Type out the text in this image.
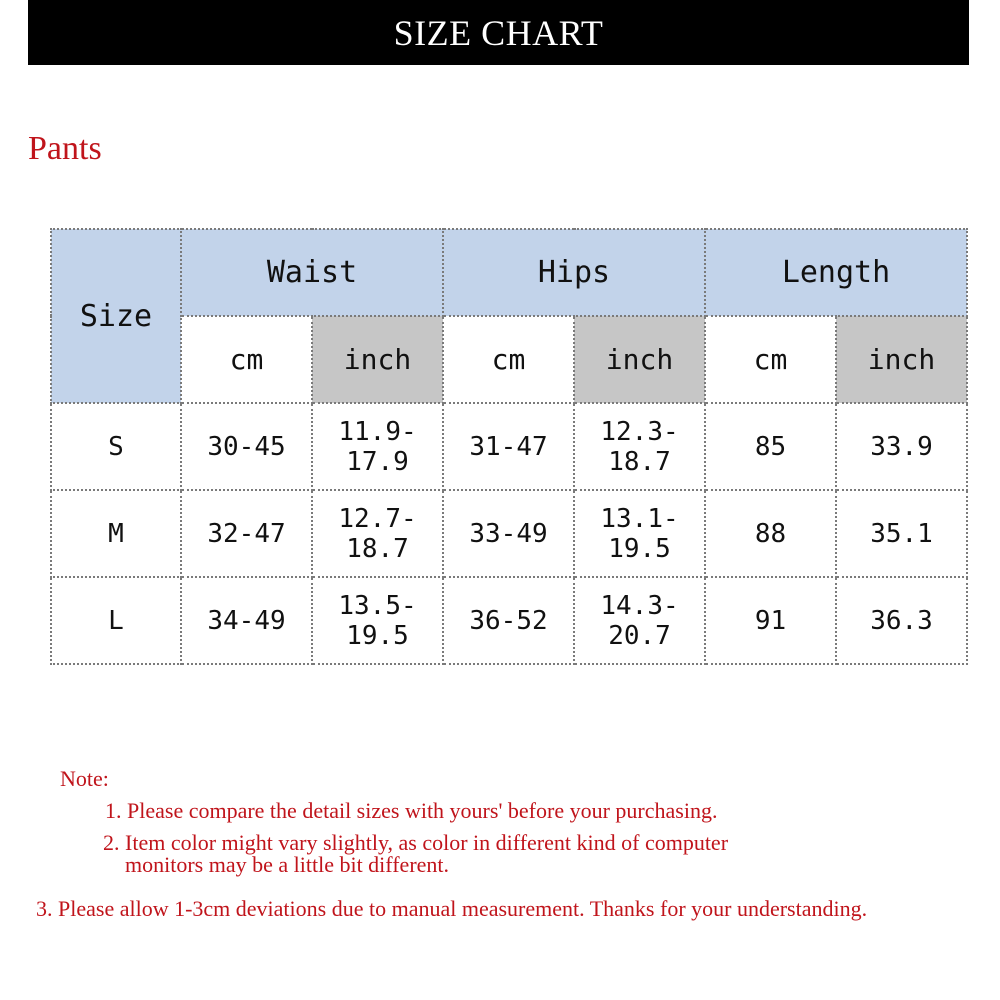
SIZE CHART
Pants
Size	Waist		Hips		Length	
	cm	inch	cm	inch	cm	inch
S	30-45	11.9-17.9	31-47	12.3-18.7	85	33.9
M	32-47	12.7-18.7	33-49	13.1-19.5	88	35.1
L	34-49	13.5-19.5	36-52	14.3-20.7	91	36.3
Note:
1. Please compare the detail sizes with yours' before your purchasing.
2. Item color might vary slightly, as color in different kind of computer
monitors may be a little bit different.
3. Please allow 1-3cm deviations due to manual measurement. Thanks for your understanding.
